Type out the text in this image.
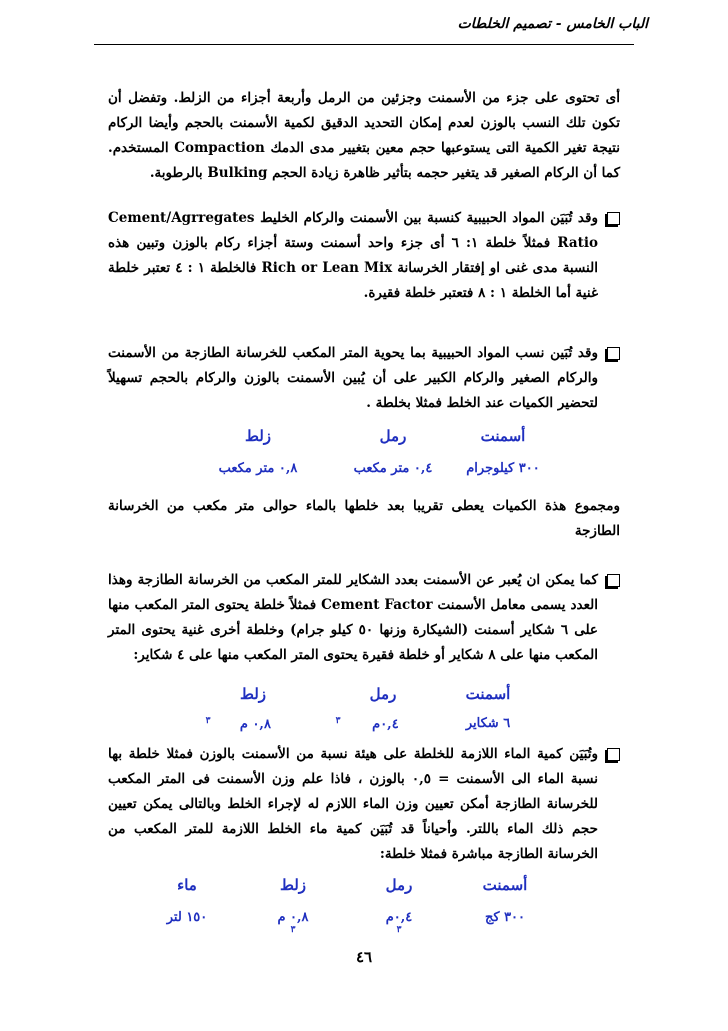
الباب الخامس - تصميم الخلطات
أى تحتوى على جزء من الأسمنت وجزئين من الرمل وأربعة أجزاء من الزلط. وتفضل أن تكون تلك النسب بالوزن لعدم إمكان التحديد الدقيق لكمية الأسمنت بالحجم وأيضا الركام نتيجة تغير الكمية التى يستوعبها حجم معين بتغيير مدى الدمك Compaction المستخدم. كما أن الركام الصغير قد يتغير حجمه بتأثير ظاهرة زيادة الحجم Bulking بالرطوبة.
وقد تُبَيَن المواد الحبيبية كنسبة بين الأسمنت والركام الخليط Cement/Agrregates Ratio فمثلاً خلطة ١: ٦ أى جزء واحد أسمنت وستة أجزاء ركام بالوزن وتبين هذه النسبة مدى غنى او إفتقار الخرسانة Rich or Lean Mix فالخلطة ١ : ٤ تعتبر خلطة غنية أما الخلطة ١ : ٨ فتعتبر خلطة فقيرة.
وقد تُبَين نسب المواد الحبيبية بما يحوية المتر المكعب للخرسانة الطازجة من الأسمنت والركام الصغير والركام الكبير على أن يُبين الأسمنت بالوزن والركام بالحجم تسهيلاً لتحضير الكميات عند الخلط فمثلا بخلطة .
أسمنت
رمل
زلط
٣٠٠ كيلوجرام
٠,٤ متر مكعب
٠,٨ متر مكعب
ومجموع هذة الكميات يعطى تقريبا بعد خلطها بالماء حوالى متر مكعب من الخرسانة الطازجة
كما يمكن ان يُعبر عن الأسمنت بعدد الشكاير للمتر المكعب من الخرسانة الطازجة وهذا العدد يسمى معامل الأسمنت Cement Factor فمثلاً خلطة يحتوى المتر المكعب منها على ٦ شكاير أسمنت (الشيكارة وزنها ٥٠ كيلو جرام) وخلطة أخرى غنية يحتوى المتر المكعب منها على ٨ شكاير أو خلطة فقيرة يحتوى المتر المكعب منها على ٤ شكاير:
أسمنت
رمل
زلط
٦ شكاير
٠,٤م$^٣$
٠,٨ م$^٣$
وتُبَيَن كمية الماء اللازمة للخلطة على هيئة نسبة من الأسمنت بالوزن فمثلا خلطة بها نسبة الماء الى الأسمنت = ٠,٥ بالوزن ، فاذا علم وزن الأسمنت فى المتر المكعب للخرسانة الطازجة أمكن تعيين وزن الماء اللازم له لإجراء الخلط وبالتالى يمكن تعيين حجم ذلك الماء باللتر. وأحياناً قد تُبَيَن كمية ماء الخلط اللازمة للمتر المكعب من الخرسانة الطازجة مباشرة فمثلا خلطة:
أسمنت
رمل
زلط
ماء
٣٠٠ كج
٠,٤م$^٣$
٠,٨ م$^٣$
١٥٠ لتر
٤٦
